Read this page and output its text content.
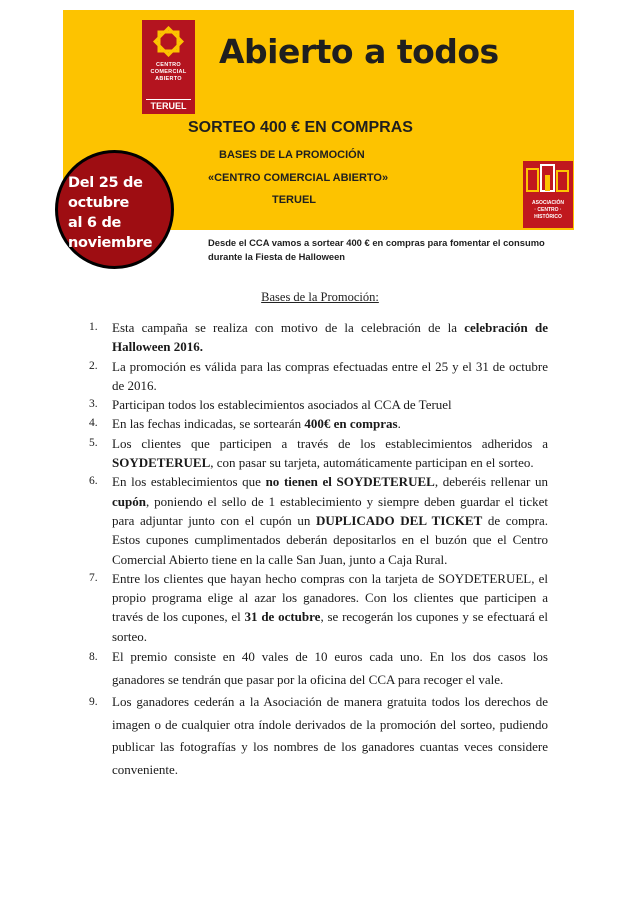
CENTRO
COMERCIAL
ABIERTO
TERUEL
Abierto a todos
SORTEO 400 € EN COMPRAS
BASES DE LA PROMOCIÓN
«CENTRO COMERCIAL ABIERTO»
TERUEL
Del 25 de
octubre
al 6 de
noviembre
ASOCIACIÓN
· CENTRO ·
HISTÓRICO
Desde el CCA vamos a sortear 400 € en compras para fomentar el consumo
durante la Fiesta de Halloween
Bases de la Promoción:
1. Esta campaña se realiza con motivo de la celebración de la celebración de Halloween 2016.
2. La promoción es válida para las compras efectuadas entre el 25 y el 31 de octubre de 2016.
3. Participan todos los establecimientos asociados al CCA de Teruel
4. En las fechas indicadas, se sortearán 400€ en compras.
5. Los clientes que participen a través de los establecimientos adheridos a SOYDETERUEL, con pasar su tarjeta, automáticamente participan en el sorteo.
6. En los establecimientos que no tienen el SOYDETERUEL, deberéis rellenar un cupón, poniendo el sello de 1 establecimiento y siempre deben guardar el ticket para adjuntar junto con el cupón un DUPLICADO DEL TICKET de compra. Estos cupones cumplimentados deberán depositarlos en el buzón que el Centro Comercial Abierto tiene en la calle San Juan, junto a Caja Rural.
7. Entre los clientes que hayan hecho compras con la tarjeta de SOYDETERUEL, el propio programa elige al azar los ganadores. Con los clientes que participen a través de los cupones, el 31 de octubre, se recogerán los cupones y se efectuará el sorteo.
8. El premio consiste en 40 vales de 10 euros cada uno. En los dos casos los ganadores se tendrán que pasar por la oficina del CCA para recoger el vale.
9. Los ganadores cederán a la Asociación de manera gratuita todos los derechos de imagen o de cualquier otra índole derivados de la promoción del sorteo, pudiendo publicar las fotografías y los nombres de los ganadores cuantas veces considere conveniente.
